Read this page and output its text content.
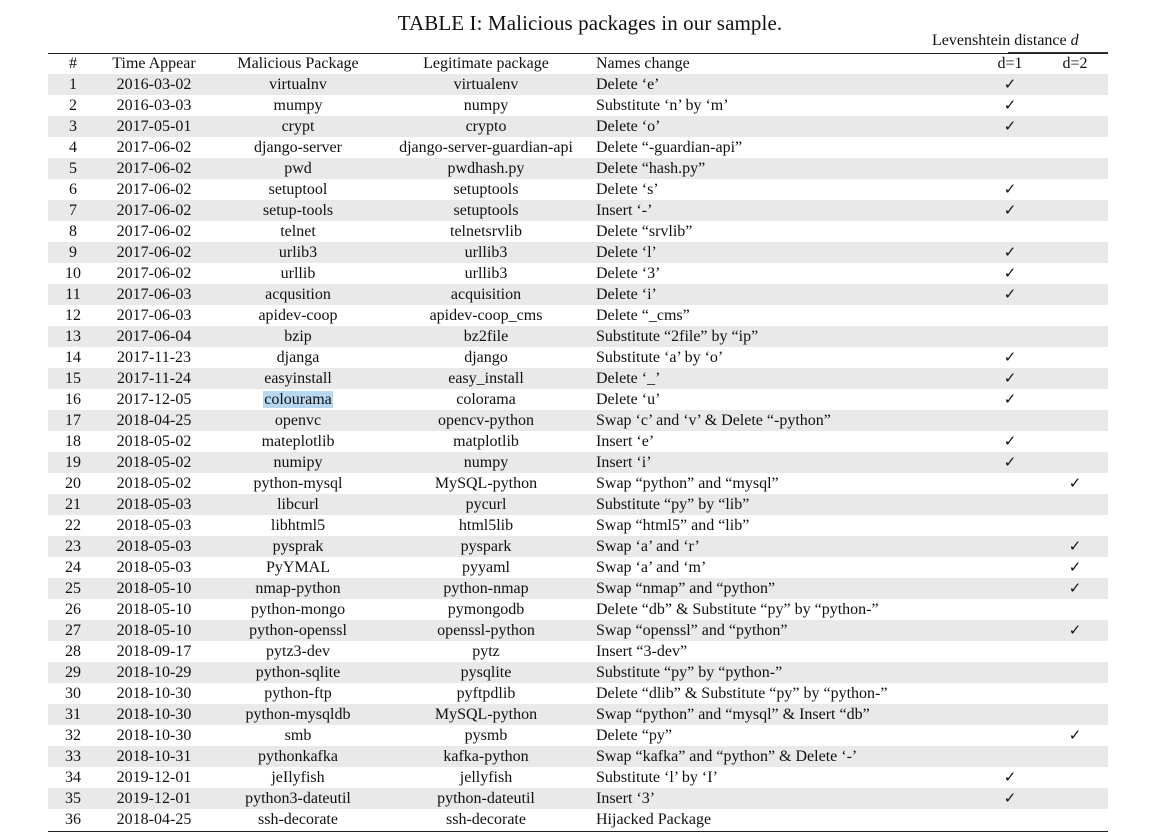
TABLE I: Malicious packages in our sample.
Levenshtein distance d
#	Time Appear	Malicious Package	Legitimate package	Names change	d=1	d=2
1	2016-03-02	virtualnv	virtualenv	Delete ‘e’	✓	
2	2016-03-03	mumpy	numpy	Substitute ‘n’ by ‘m’	✓	
3	2017-05-01	crypt	crypto	Delete ‘o’	✓	
4	2017-06-02	django-server	django-server-guardian-api	Delete “-guardian-api”		
5	2017-06-02	pwd	pwdhash.py	Delete “hash.py”		
6	2017-06-02	setuptool	setuptools	Delete ‘s’	✓	
7	2017-06-02	setup-tools	setuptools	Insert ‘-’	✓	
8	2017-06-02	telnet	telnetsrvlib	Delete “srvlib”		
9	2017-06-02	urlib3	urllib3	Delete ‘l’	✓	
10	2017-06-02	urllib	urllib3	Delete ‘3’	✓	
11	2017-06-03	acqusition	acquisition	Delete ‘i’	✓	
12	2017-06-03	apidev-coop	apidev-coop_cms	Delete “_cms”		
13	2017-06-04	bzip	bz2file	Substitute “2file” by “ip”		
14	2017-11-23	djanga	django	Substitute ‘a’ by ‘o’	✓	
15	2017-11-24	easyinstall	easy_install	Delete ‘_’	✓	
16	2017-12-05	colourama	colorama	Delete ‘u’	✓	
17	2018-04-25	openvc	opencv-python	Swap ‘c’ and ‘v’ & Delete “-python”		
18	2018-05-02	mateplotlib	matplotlib	Insert ‘e’	✓	
19	2018-05-02	numipy	numpy	Insert ‘i’	✓	
20	2018-05-02	python-mysql	MySQL-python	Swap “python” and “mysql”		✓
21	2018-05-03	libcurl	pycurl	Substitute “py” by “lib”		
22	2018-05-03	libhtml5	html5lib	Swap “html5” and “lib”		
23	2018-05-03	pysprak	pyspark	Swap ‘a’ and ‘r’		✓
24	2018-05-03	PyYMAL	pyyaml	Swap ‘a’ and ‘m’		✓
25	2018-05-10	nmap-python	python-nmap	Swap “nmap” and “python”		✓
26	2018-05-10	python-mongo	pymongodb	Delete “db” & Substitute “py” by “python-”		
27	2018-05-10	python-openssl	openssl-python	Swap “openssl” and “python”		✓
28	2018-09-17	pytz3-dev	pytz	Insert “3-dev”		
29	2018-10-29	python-sqlite	pysqlite	Substitute “py” by “python-”		
30	2018-10-30	python-ftp	pyftpdlib	Delete “dlib” & Substitute “py” by “python-”		
31	2018-10-30	python-mysqldb	MySQL-python	Swap “python” and “mysql” & Insert “db”		
32	2018-10-30	smb	pysmb	Delete “py”		✓
33	2018-10-31	pythonkafka	kafka-python	Swap “kafka” and “python” & Delete ‘-’		
34	2019-12-01	jeIlyfish	jellyfish	Substitute ‘l’ by ‘I’	✓	
35	2019-12-01	python3-dateutil	python-dateutil	Insert ‘3’	✓	
36	2018-04-25	ssh-decorate	ssh-decorate	Hijacked Package		
